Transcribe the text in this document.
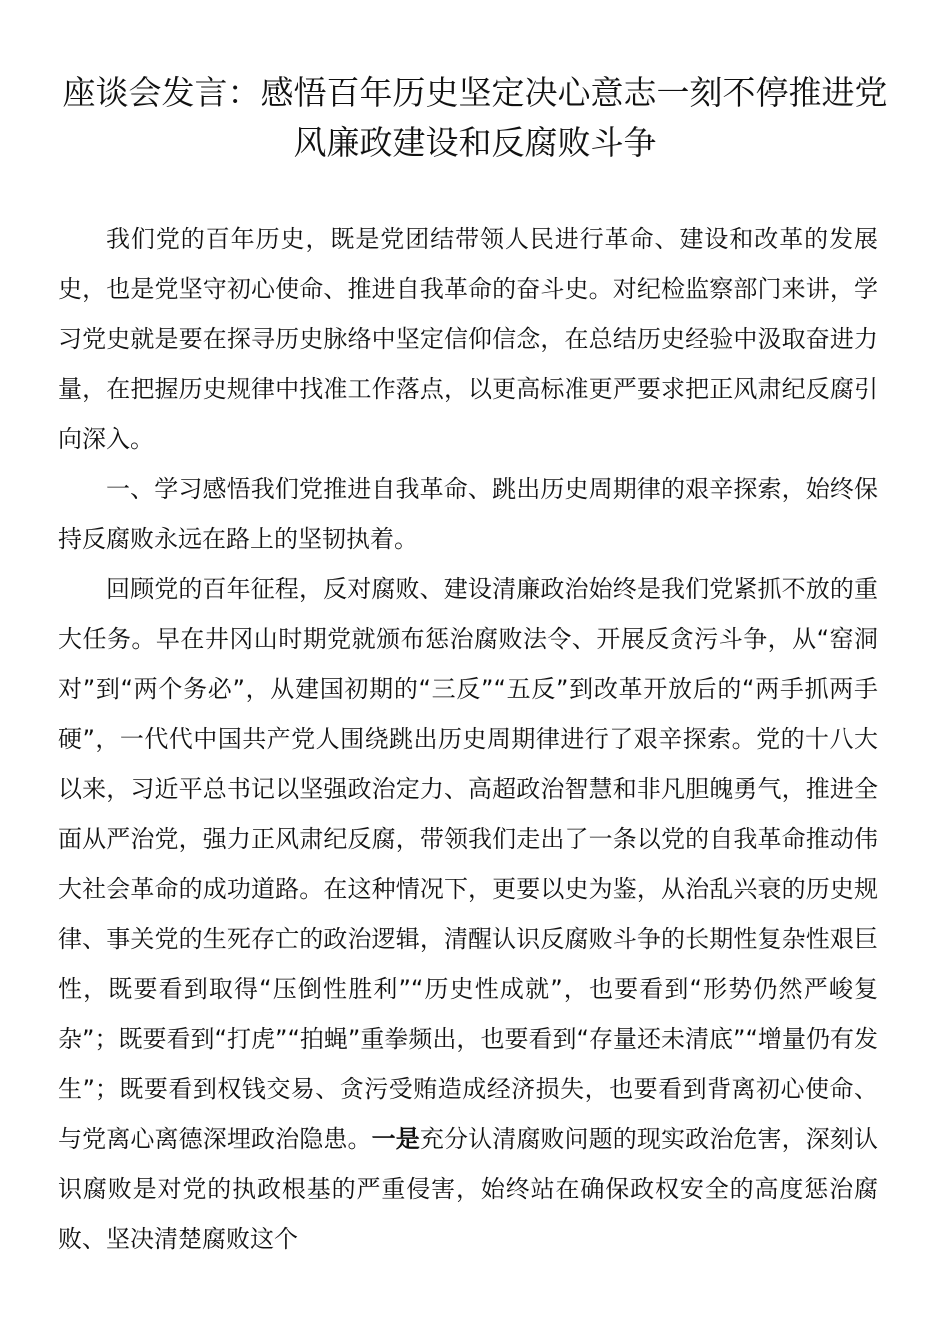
座谈会发言：感悟百年历史坚定决心意志一刻不停推进党风廉政建设和反腐败斗争

我们党的百年历史，既是党团结带领人民进行革命、建设和改革的发展史，也是党坚守初心使命、推进自我革命的奋斗史。对纪检监察部门来讲，学习党史就是要在探寻历史脉络中坚定信仰信念，在总结历史经验中汲取奋进力量，在把握历史规律中找准工作落点，以更高标准更严要求把正风肃纪反腐引向深入。

一、学习感悟我们党推进自我革命、跳出历史周期律的艰辛探索，始终保持反腐败永远在路上的坚韧执着。

回顾党的百年征程，反对腐败、建设清廉政治始终是我们党紧抓不放的重大任务。早在井冈山时期党就颁布惩治腐败法令、开展反贪污斗争，从“窑洞对”到“两个务必”，从建国初期的“三反”“五反”到改革开放后的“两手抓两手硬”，一代代中国共产党人围绕跳出历史周期律进行了艰辛探索。党的十八大以来，习近平总书记以坚强政治定力、高超政治智慧和非凡胆魄勇气，推进全面从严治党，强力正风肃纪反腐，带领我们走出了一条以党的自我革命推动伟大社会革命的成功道路。在这种情况下，更要以史为鉴，从治乱兴衰的历史规律、事关党的生死存亡的政治逻辑，清醒认识反腐败斗争的长期性复杂性艰巨性，既要看到取得“压倒性胜利”“历史性成就”，也要看到“形势仍然严峻复杂”；既要看到“打虎”“拍蝇”重拳频出，也要看到“存量还未清底”“增量仍有发生”；既要看到权钱交易、贪污受贿造成经济损失，也要看到背离初心使命、与党离心离德深埋政治隐患。一是充分认清腐败问题的现实政治危害，深刻认识腐败是对党的执政根基的严重侵害，始终站在确保政权安全的高度惩治腐败、坚决清楚腐败这个
